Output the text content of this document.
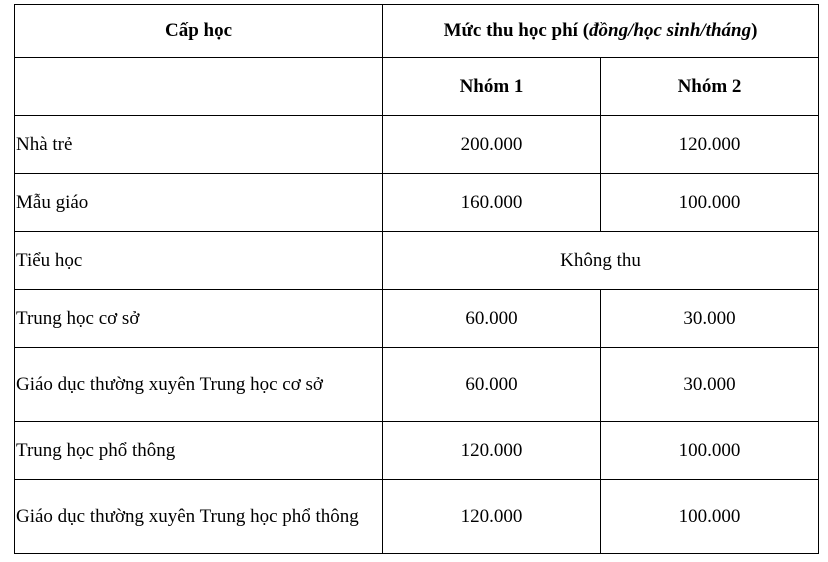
Cấp học	Mức thu học phí (đồng/học sinh/tháng)	
	Nhóm 1	Nhóm 2
Nhà trẻ	200.000	120.000
Mẫu giáo	160.000	100.000
Tiểu học	Không thu	
Trung học cơ sở	60.000	30.000
Giáo dục thường xuyên Trung học cơ sở	60.000	30.000
Trung học phổ thông	120.000	100.000
Giáo dục thường xuyên Trung học phổ thông	120.000	100.000
